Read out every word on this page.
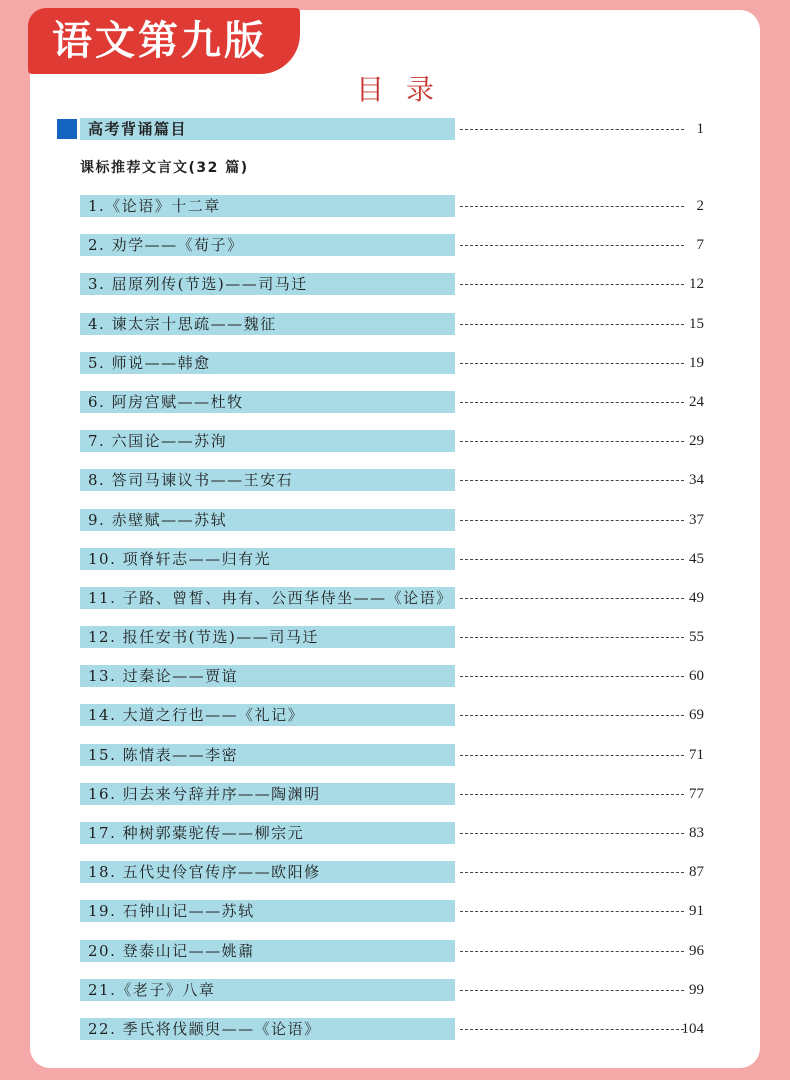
语文第九版
目录
高考背诵篇目	1
课标推荐文言文(32 篇)
1.《论语》十二章	2
2. 劝学——《荀子》	7
3. 屈原列传(节选)——司马迁	12
4. 谏太宗十思疏——魏征	15
5. 师说——韩愈	19
6. 阿房宫赋——杜牧	24
7. 六国论——苏洵	29
8. 答司马谏议书——王安石	34
9. 赤壁赋——苏轼	37
10. 项脊轩志——归有光	45
11. 子路、曾皙、冉有、公西华侍坐——《论语》	49
12. 报任安书(节选)——司马迁	55
13. 过秦论——贾谊	60
14. 大道之行也——《礼记》	69
15. 陈情表——李密	71
16. 归去来兮辞并序——陶渊明	77
17. 种树郭橐驼传——柳宗元	83
18. 五代史伶官传序——欧阳修	87
19. 石钟山记——苏轼	91
20. 登泰山记——姚鼐	96
21.《老子》八章	99
22. 季氏将伐颛臾——《论语》	104
